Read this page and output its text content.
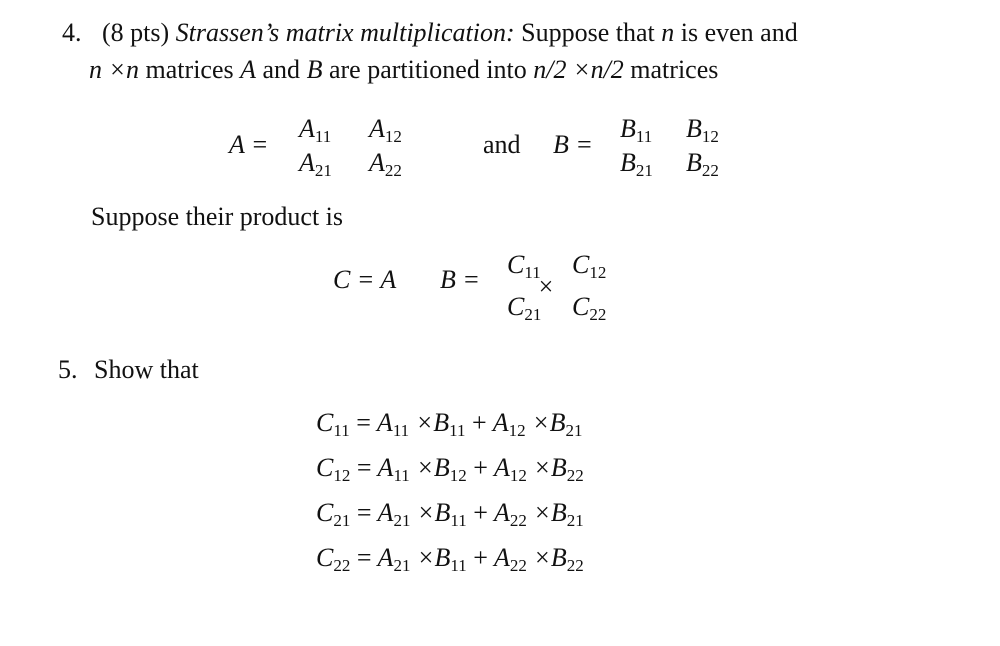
4. (8 pts) Strassen’s matrix multiplication: Suppose that n is even and
n ×n matrices A and B are partitioned into n/2 ×n/2 matrices
A =
$A_{11}$ $A_{12}$
$A_{21}$ $A_{22}$
and B =
$B_{11}$ $B_{12}$
$B_{21}$ $B_{22}$
Suppose their product is
C = A B =
$C_{11}$ $C_{12}$
×
$C_{21}$ $C_{22}$
5. Show that
$C_{11} = A_{11} \times B_{11} + A_{12} \times B_{21}$
$C_{12} = A_{11} \times B_{12} + A_{12} \times B_{22}$
$C_{21} = A_{21} \times B_{11} + A_{22} \times B_{21}$
$C_{22} = A_{21} \times B_{11} + A_{22} \times B_{22}$
